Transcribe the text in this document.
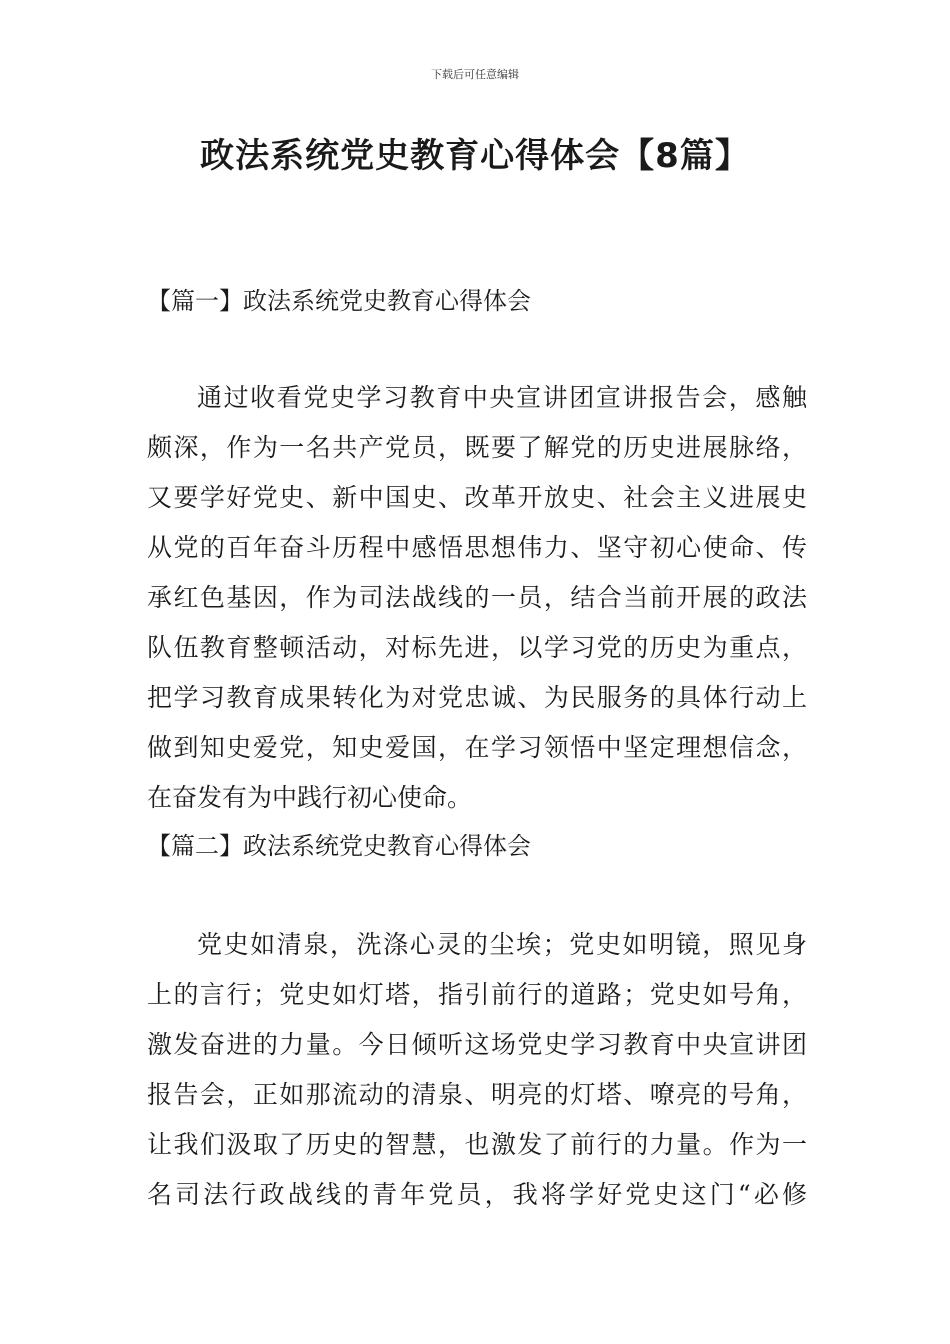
下载后可任意编辑
政法系统党史教育心得体会【8篇】
【篇一】政法系统党史教育心得体会
通过收看党史学习教育中央宣讲团宣讲报告会，感触
颇深，作为一名共产党员，既要了解党的历史进展脉络，
又要学好党史、新中国史、改革开放史、社会主义进展史
从党的百年奋斗历程中感悟思想伟力、坚守初心使命、传
承红色基因，作为司法战线的一员，结合当前开展的政法
队伍教育整顿活动，对标先进，以学习党的历史为重点，
把学习教育成果转化为对党忠诚、为民服务的具体行动上
做到知史爱党，知史爱国，在学习领悟中坚定理想信念，
在奋发有为中践行初心使命。
【篇二】政法系统党史教育心得体会
党史如清泉，洗涤心灵的尘埃；党史如明镜，照见身
上的言行；党史如灯塔，指引前行的道路；党史如号角，
激发奋进的力量。今日倾听这场党史学习教育中央宣讲团
报告会，正如那流动的清泉、明亮的灯塔、嘹亮的号角，
让我们汲取了历史的智慧，也激发了前行的力量。作为一
名司法行政战线的青年党员，我将学好党史这门“必修
